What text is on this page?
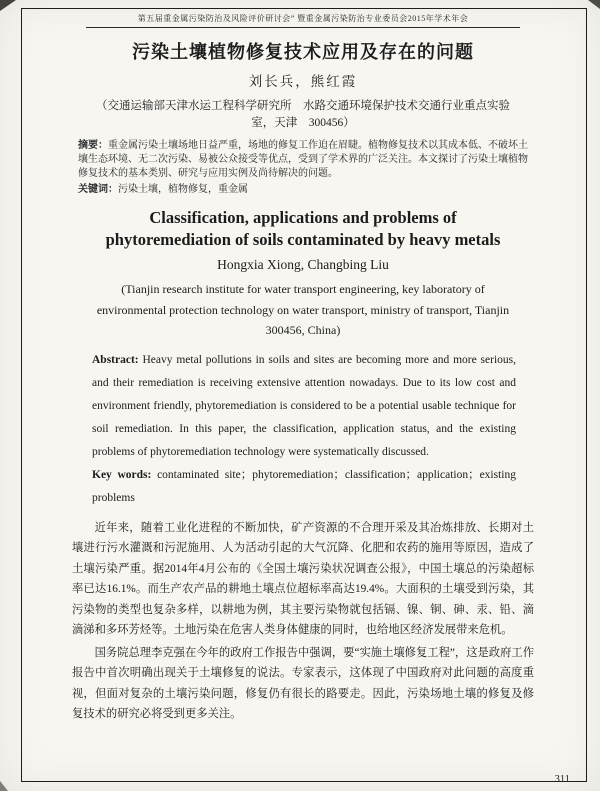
第五届重金属污染防治及风险评价研讨会” 暨重金属污染防治专业委员会2015年学术年会
污染土壤植物修复技术应用及存在的问题
刘长兵，熊红霞
（交通运输部天津水运工程科学研究所　水路交通环境保护技术交通行业重点实验室，天津　300456）

摘要：重金属污染土壤场地日益严重，场地的修复工作迫在眉睫。植物修复技术以其成本低、不破坏土壤生态环境、无二次污染、易被公众接受等优点，受到了学术界的广泛关注。本文探讨了污染土壤植物修复技术的基本类别、研究与应用实例及尚待解决的问题。

关键词：污染土壤，植物修复，重金属

Classification, applications and problems of phytoremediation of soils contaminated by heavy metals
Hongxia Xiong, Changbing Liu
(Tianjin research institute for water transport engineering, key laboratory of environmental protection technology on water transport, ministry of transport, Tianjin 300456, China)

Abstract: Heavy metal pollutions in soils and sites are becoming more and more serious, and their remediation is receiving extensive attention nowadays. Due to its low cost and environment friendly, phytoremediation is considered to be a potential usable technique for soil remediation. In this paper, the classification, application status, and the existing problems of phytoremediation technology were systematically discussed.

Key words: contaminated site；phytoremediation；classification；application；existing problems

近年来，随着工业化进程的不断加快，矿产资源的不合理开采及其冶炼排放、长期对土壤进行污水灌溉和污泥施用、人为活动引起的大气沉降、化肥和农药的施用等原因，造成了土壤污染严重。据2014年4月公布的《全国土壤污染状况调查公报》，中国土壤总的污染超标率已达16.1%。而生产农产品的耕地土壤点位超标率高达19.4%。大面积的土壤受到污染，其污染物的类型也复杂多样，以耕地为例，其主要污染物就包括镉、镍、铜、砷、汞、铅、滴滴涕和多环芳烃等。土地污染在危害人类身体健康的同时，也给地区经济发展带来危机。

国务院总理李克强在今年的政府工作报告中强调，要“实施土壤修复工程”，这是政府工作报告中首次明确出现关于土壤修复的说法。专家表示，这体现了中国政府对此问题的高度重视，但面对复杂的土壤污染问题，修复仍有很长的路要走。因此，污染场地土壤的修复及修复技术的研究必将受到更多关注。

311
